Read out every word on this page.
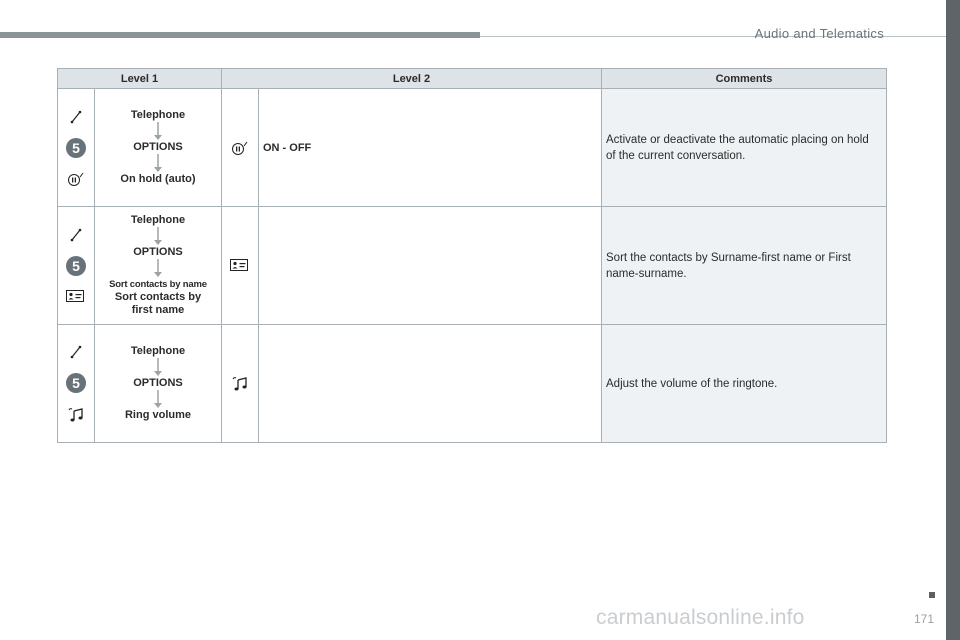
Audio and Telematics
Level 1		Level 2		Comments

5	Telephone
OPTIONS
On hold (auto)		ON - OFF	Activate or deactivate the automatic placing on hold of the current conversation.

5	Telephone
OPTIONS
Sort contacts by name
Sort contacts by first name			Sort the contacts by Surname-first name or First name-surname.

5	Telephone
OPTIONS
Ring volume			Adjust the volume of the ringtone.
171
carmanualsonline.info
